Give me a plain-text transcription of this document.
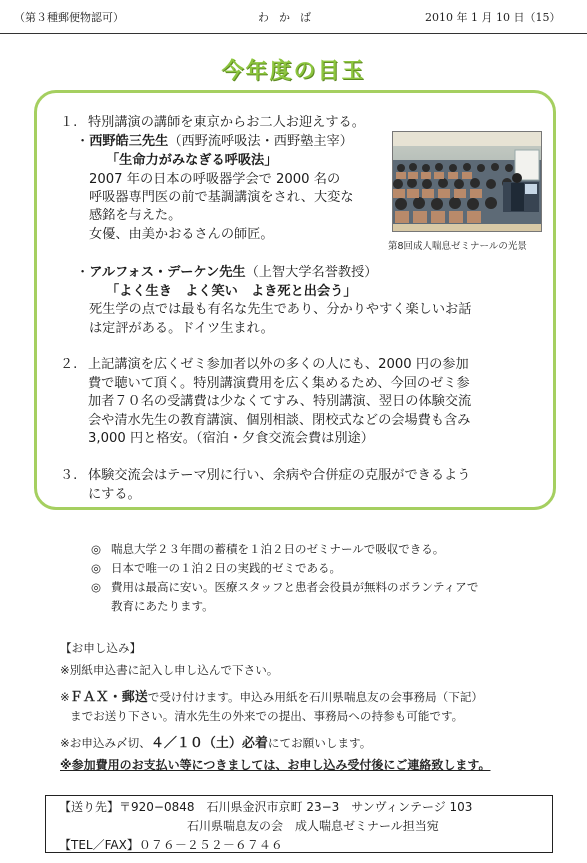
（第３種郵便物認可）	わかば	2010 年 1 月 10 日（15）
今年度の目玉
１. 特別講演の講師を東京からお二人お迎えする。
・西野皓三先生（西野流呼吸法・西野塾主宰）
「生命力がみなぎる呼吸法」
2007 年の日本の呼吸器学会で 2000 名の
呼吸器専門医の前で基調講演をされ、大変な
感銘を与えた。
女優、由美かおるさんの師匠。
第8回成人喘息ゼミナールの光景
・アルフォス・デーケン先生（上智大学名誉教授）
「よく生き　よく笑い　よき死と出会う」
死生学の点では最も有名な先生であり、分かりやすく楽しいお話
は定評がある。ドイツ生まれ。
２. 上記講演を広くゼミ参加者以外の多くの人にも、2000 円の参加
費で聴いて頂く。特別講演費用を広く集めるため、今回のゼミ参
加者７０名の受講費は少なくてすみ、特別講演、翌日の体験交流
会や清水先生の教育講演、個別相談、閉校式などの会場費も含み
3,000 円と格安。（宿泊・夕食交流会費は別途）
３. 体験交流会はテーマ別に行い、余病や合併症の克服ができるよう
にする。
◎ 喘息大学２３年間の蓄積を１泊２日のゼミナールで吸収できる。
◎ 日本で唯一の１泊２日の実践的ゼミである。
◎ 費用は最高に安い。医療スタッフと患者会役員が無料のボランティアで
教育にあたります。
【お申し込み】
※別紙申込書に記入し申し込んで下さい。
※ＦＡＸ・郵送で受け付けます。申込み用紙を石川県喘息友の会事務局（下記）
までお送り下さい。清水先生の外来での提出、事務局への持参も可能です。
※お申込み〆切、４／１０（土）必着にてお願いします。
※参加費用のお支払い等につきましては、お申し込み受付後にご連絡致します。
【送り先】〒920−0848　石川県金沢市京町 23−3　サンヴィンテージ 103
石川県喘息友の会　成人喘息ゼミナール担当宛
【TEL／FAX】０７６－２５２－６７４６
